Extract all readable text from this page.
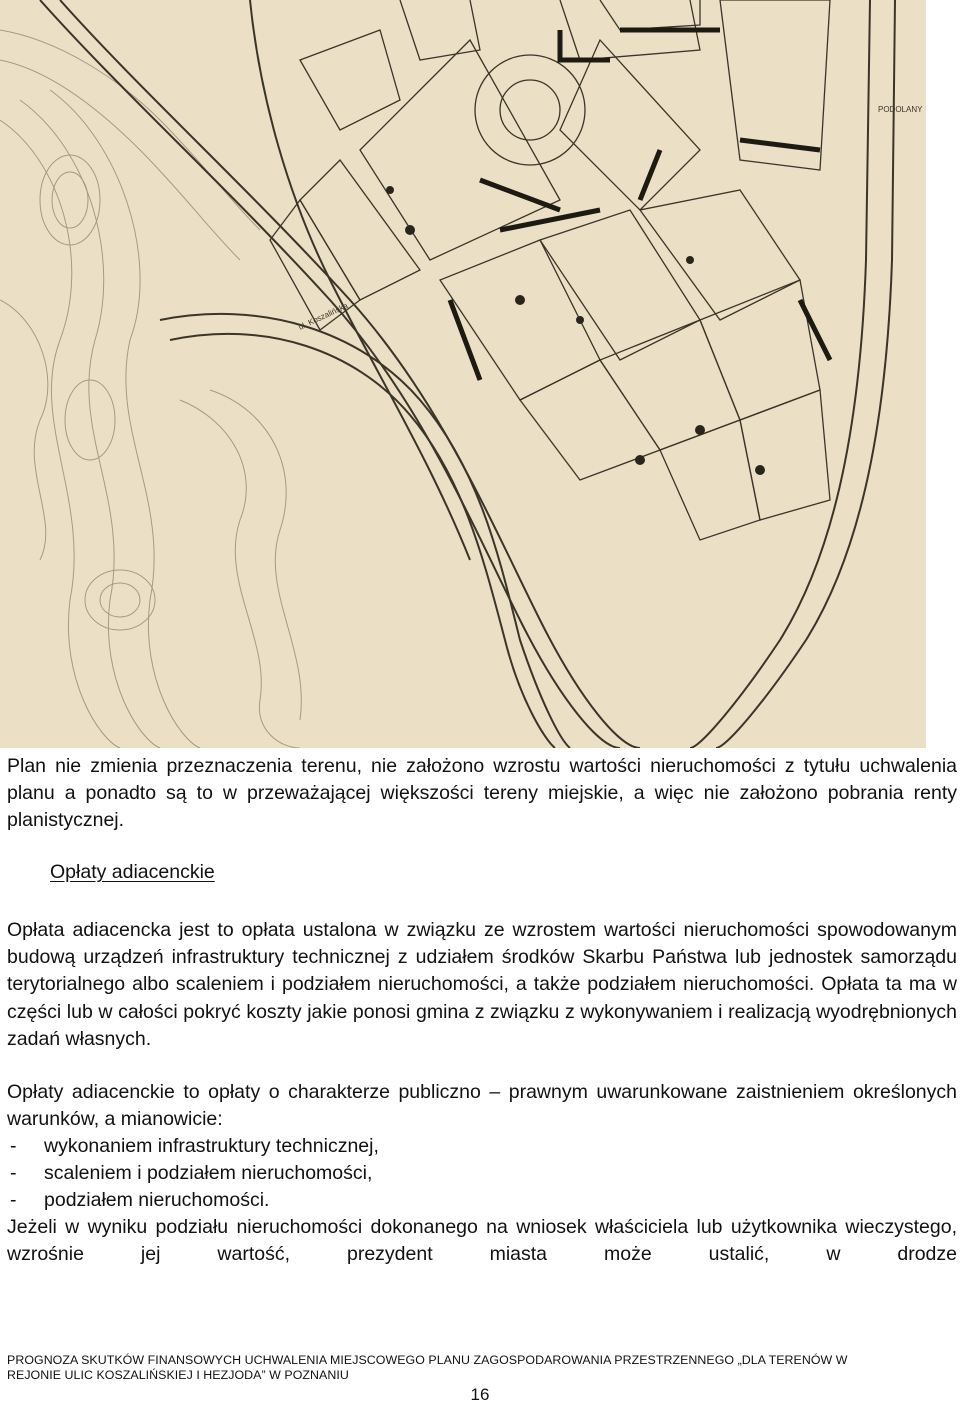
ul. Koszalińska
PODOLANY
Plan nie zmienia przeznaczenia terenu, nie założono wzrostu wartości nieruchomości z tytułu uchwalenia planu a ponadto są to w przeważającej większości tereny miejskie, a więc nie założono pobrania renty planistycznej.
Opłaty adiacenckie
Opłata adiacencka jest to opłata ustalona w związku ze wzrostem wartości nieruchomości spowodowanym budową urządzeń infrastruktury technicznej z udziałem środków Skarbu Państwa lub jednostek samorządu terytorialnego albo scaleniem i podziałem nieruchomości, a także podziałem nieruchomości. Opłata ta ma w części lub w całości pokryć koszty jakie ponosi gmina z związku z wykonywaniem i realizacją wyodrębnionych zadań własnych.
Opłaty adiacenckie to opłaty o charakterze publiczno – prawnym uwarunkowane zaistnieniem określonych warunków, a mianowicie:
-	wykonaniem infrastruktury technicznej,
-	scaleniem i podziałem nieruchomości,
-	podziałem nieruchomości.
Jeżeli w wyniku podziału nieruchomości dokonanego na wniosek właściciela lub użytkownika wieczystego, wzrośnie jej wartość, prezydent miasta może ustalić, w drodze
PROGNOZA SKUTKÓW FINANSOWYCH UCHWALENIA MIEJSCOWEGO PLANU ZAGOSPODAROWANIA PRZESTRZENNEGO „DLA TERENÓW W
REJONIE ULIC KOSZALIŃSKIEJ I HEZJODA” W POZNANIU
16
